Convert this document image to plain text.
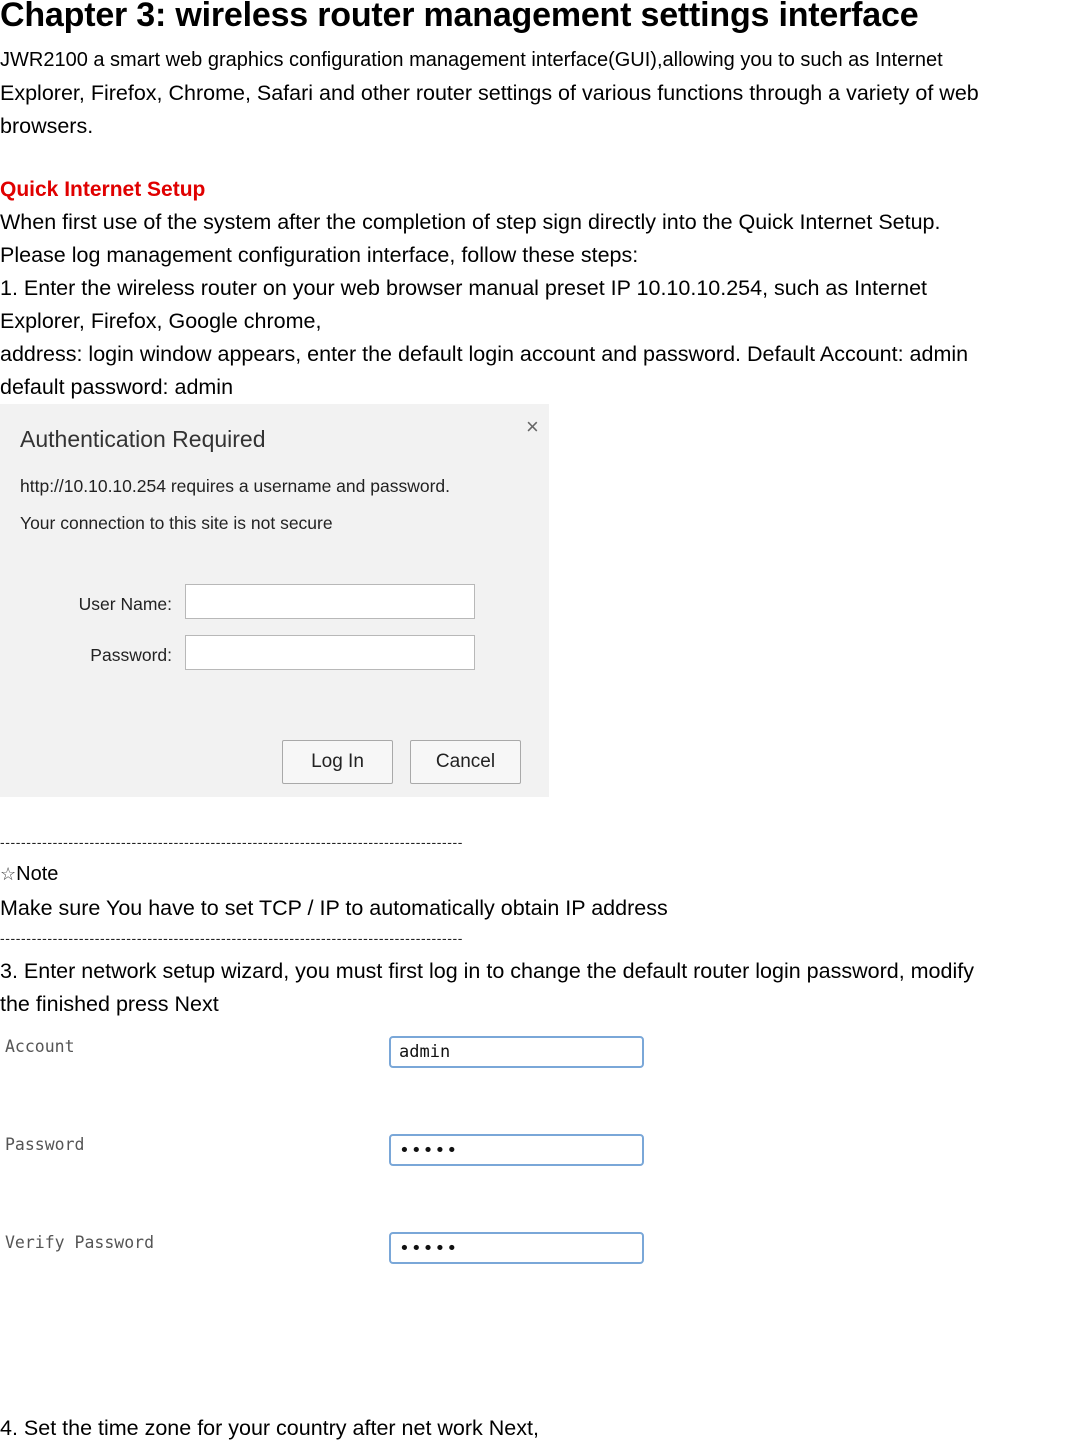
Chapter 3: wireless router management settings interface
JWR2100 a smart web graphics configuration management interface(GUI),allowing you to such as Internet
Explorer, Firefox, Chrome, Safari and other router settings of various functions through a variety of web
browsers.
Quick Internet Setup
When first use of the system after the completion of step sign directly into the Quick Internet Setup.
Please log management configuration interface, follow these steps:
1. Enter the wireless router on your web browser manual preset IP 10.10.10.254, such as Internet
Explorer, Firefox, Google chrome,
address: login window appears, enter the default login account and password. Default Account: admin
default password: admin
Authentication Required	×
http://10.10.10.254 requires a username and password.
Your connection to this site is not secure
User Name:
Password:
Log In	Cancel
----------------------------------------------------------------------------------------
☆Note
Make sure You have to set TCP / IP to automatically obtain IP address
----------------------------------------------------------------------------------------
3. Enter network setup wizard, you must first log in to change the default router login password, modify
the finished press Next
Account	admin
Password	•••••
Verify Password	•••••
4. Set the time zone for your country after net work Next,
